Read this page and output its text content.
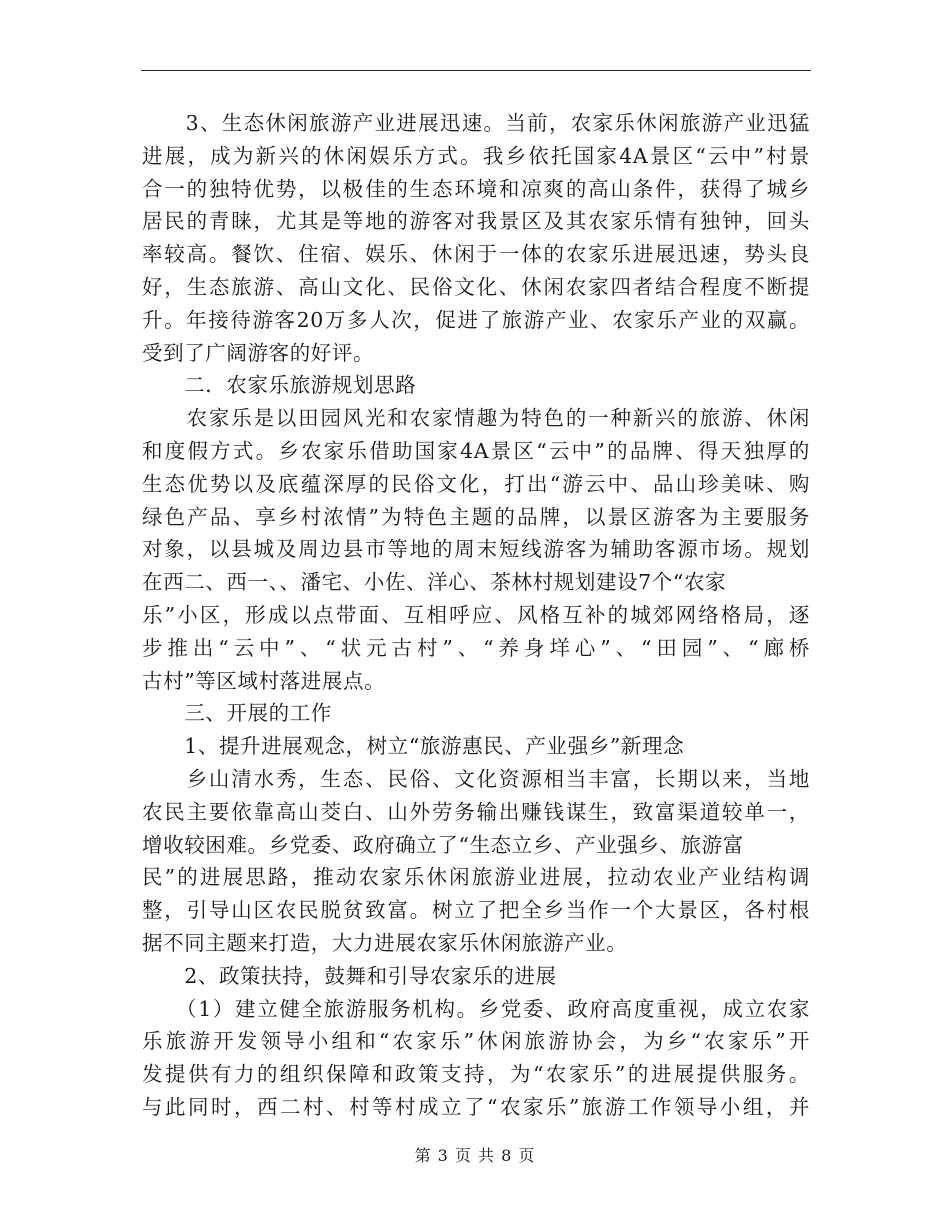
　　3、生态休闲旅游产业进展迅速。当前，农家乐休闲旅游产业迅猛
进展，成为新兴的休闲娱乐方式。我乡依托国家4A景区“云中”村景
合一的独特优势，以极佳的生态环境和凉爽的高山条件，获得了城乡
居民的青睐，尤其是等地的游客对我景区及其农家乐情有独钟，回头
率较高。餐饮、住宿、娱乐、休闲于一体的农家乐进展迅速，势头良
好，生态旅游、高山文化、民俗文化、休闲农家四者结合程度不断提
升。年接待游客20万多人次，促进了旅游产业、农家乐产业的双赢。
受到了广阔游客的好评。
　　二．农家乐旅游规划思路
　　农家乐是以田园风光和农家情趣为特色的一种新兴的旅游、休闲
和度假方式。乡农家乐借助国家4A景区“云中”的品牌、得天独厚的
生态优势以及底蕴深厚的民俗文化，打出“游云中、品山珍美味、购
绿色产品、享乡村浓情”为特色主题的品牌，以景区游客为主要服务
对象，以县城及周边县市等地的周末短线游客为辅助客源市场。规划
在西二、西一、、潘宅、小佐、洋心、茶林村规划建设7个“农家
乐”小区，形成以点带面、互相呼应、风格互补的城郊网络格局，逐
步推出“云中”、“状元古村”、“养身垟心”、“田园”、“廊桥
古村”等区域村落进展点。
　　三、开展的工作
　　1、提升进展观念，树立“旅游惠民、产业强乡”新理念
　　乡山清水秀，生态、民俗、文化资源相当丰富，长期以来，当地
农民主要依靠高山茭白、山外劳务输出赚钱谋生，致富渠道较单一，
增收较困难。乡党委、政府确立了“生态立乡、产业强乡、旅游富
民”的进展思路，推动农家乐休闲旅游业进展，拉动农业产业结构调
整，引导山区农民脱贫致富。树立了把全乡当作一个大景区，各村根
据不同主题来打造，大力进展农家乐休闲旅游产业。
　　2、政策扶持，鼓舞和引导农家乐的进展
　　（1）建立健全旅游服务机构。乡党委、政府高度重视，成立农家
乐旅游开发领导小组和“农家乐”休闲旅游协会，为乡“农家乐”开
发提供有力的组织保障和政策支持，为“农家乐”的进展提供服务。
与此同时，西二村、村等村成立了“农家乐”旅游工作领导小组，并
第 3 页 共 8 页
